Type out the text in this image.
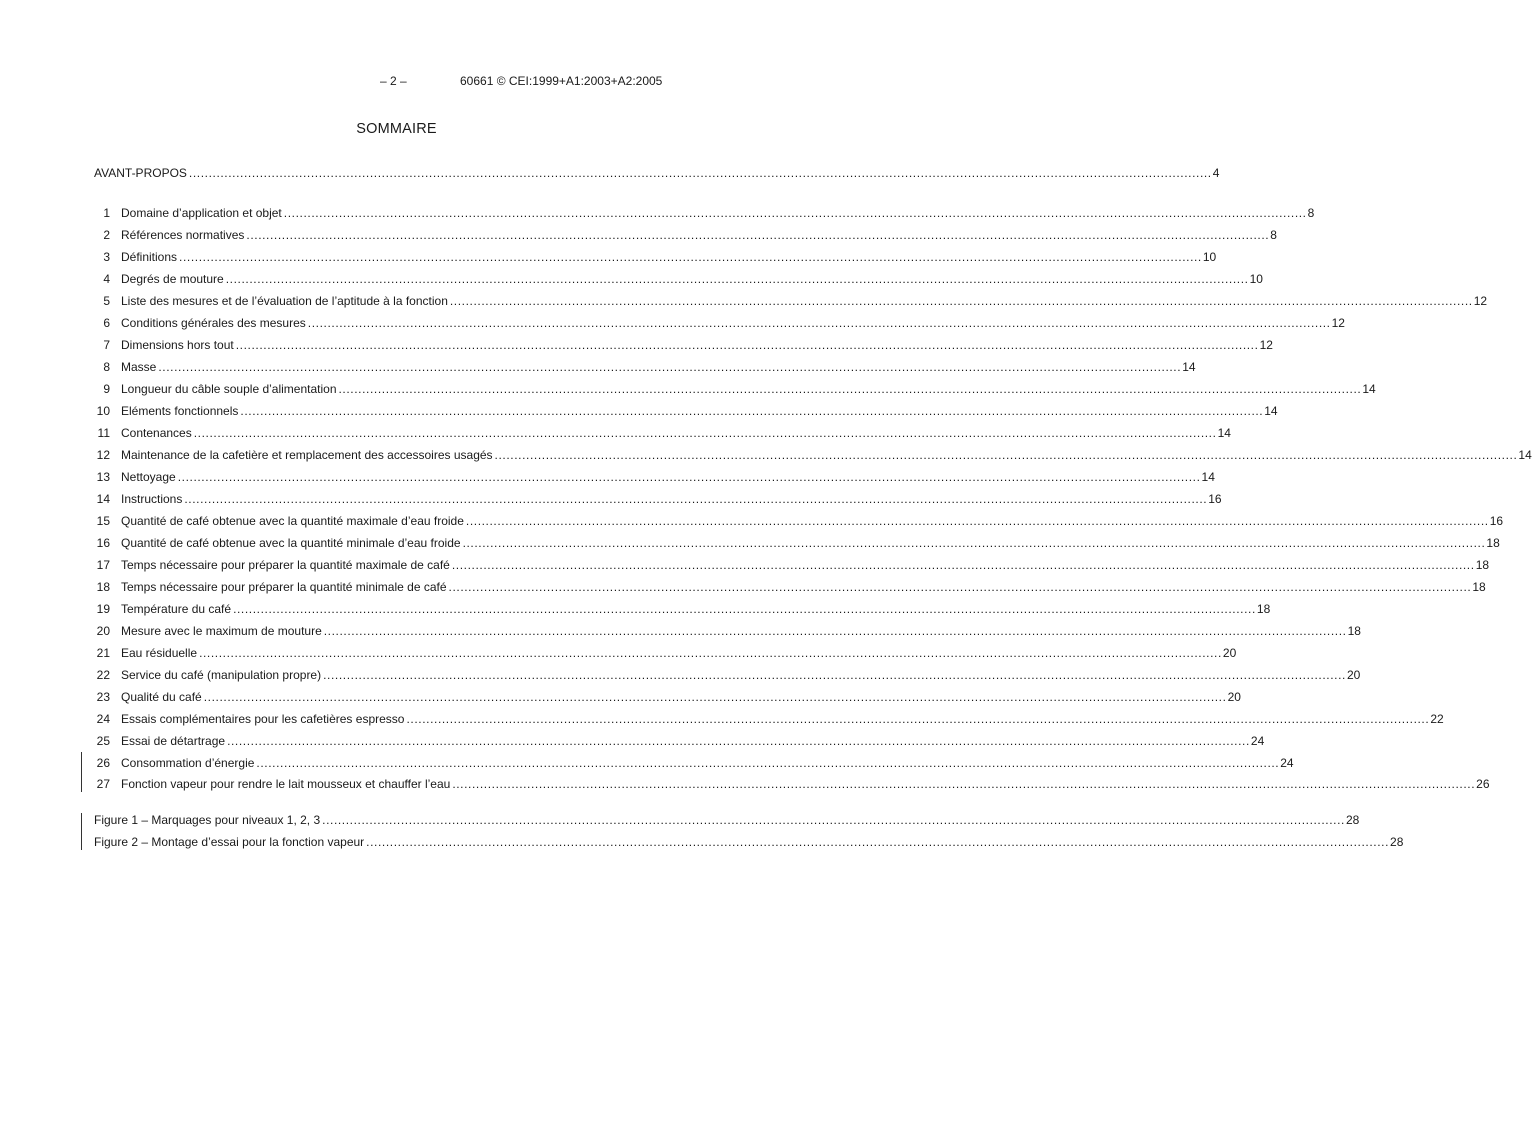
– 2 –	60661 © CEI:1999+A1:2003+A2:2005
SOMMAIRE
AVANT-PROPOS .................................................................................................................................................................................................................................................................... 4
1 Domaine d’application et objet .................................................................................................................................................................................................................................................................... 8
2 Références normatives .................................................................................................................................................................................................................................................................... 8
3 Définitions .................................................................................................................................................................................................................................................................... 10
4 Degrés de mouture .................................................................................................................................................................................................................................................................... 10
5 Liste des mesures et de l’évaluation de l’aptitude à la fonction .................................................................................................................................................................................................................................................................... 12
6 Conditions générales des mesures .................................................................................................................................................................................................................................................................... 12
7 Dimensions hors tout .................................................................................................................................................................................................................................................................... 12
8 Masse .................................................................................................................................................................................................................................................................... 14
9 Longueur du câble souple d’alimentation .................................................................................................................................................................................................................................................................... 14
10 Eléments fonctionnels .................................................................................................................................................................................................................................................................... 14
11 Contenances .................................................................................................................................................................................................................................................................... 14
12 Maintenance de la cafetière et remplacement des accessoires usagés .................................................................................................................................................................................................................................................................... 14
13 Nettoyage .................................................................................................................................................................................................................................................................... 14
14 Instructions .................................................................................................................................................................................................................................................................... 16
15 Quantité de café obtenue avec la quantité maximale d’eau froide .................................................................................................................................................................................................................................................................... 16
16 Quantité de café obtenue avec la quantité minimale d’eau froide .................................................................................................................................................................................................................................................................... 18
17 Temps nécessaire pour préparer la quantité maximale de café .................................................................................................................................................................................................................................................................... 18
18 Temps nécessaire pour préparer la quantité minimale de café .................................................................................................................................................................................................................................................................... 18
19 Température du café .................................................................................................................................................................................................................................................................... 18
20 Mesure avec le maximum de mouture .................................................................................................................................................................................................................................................................... 18
21 Eau résiduelle .................................................................................................................................................................................................................................................................... 20
22 Service du café (manipulation propre) .................................................................................................................................................................................................................................................................... 20
23 Qualité du café .................................................................................................................................................................................................................................................................... 20
24 Essais complémentaires pour les cafetières espresso .................................................................................................................................................................................................................................................................... 22
25 Essai de détartrage .................................................................................................................................................................................................................................................................... 24
26 Consommation d’énergie .................................................................................................................................................................................................................................................................... 24
27 Fonction vapeur pour rendre le lait mousseux et chauffer l’eau .................................................................................................................................................................................................................................................................... 26
Figure 1 – Marquages pour niveaux 1, 2, 3 .................................................................................................................................................................................................................................................................... 28
Figure 2 – Montage d’essai pour la fonction vapeur .................................................................................................................................................................................................................................................................... 28
